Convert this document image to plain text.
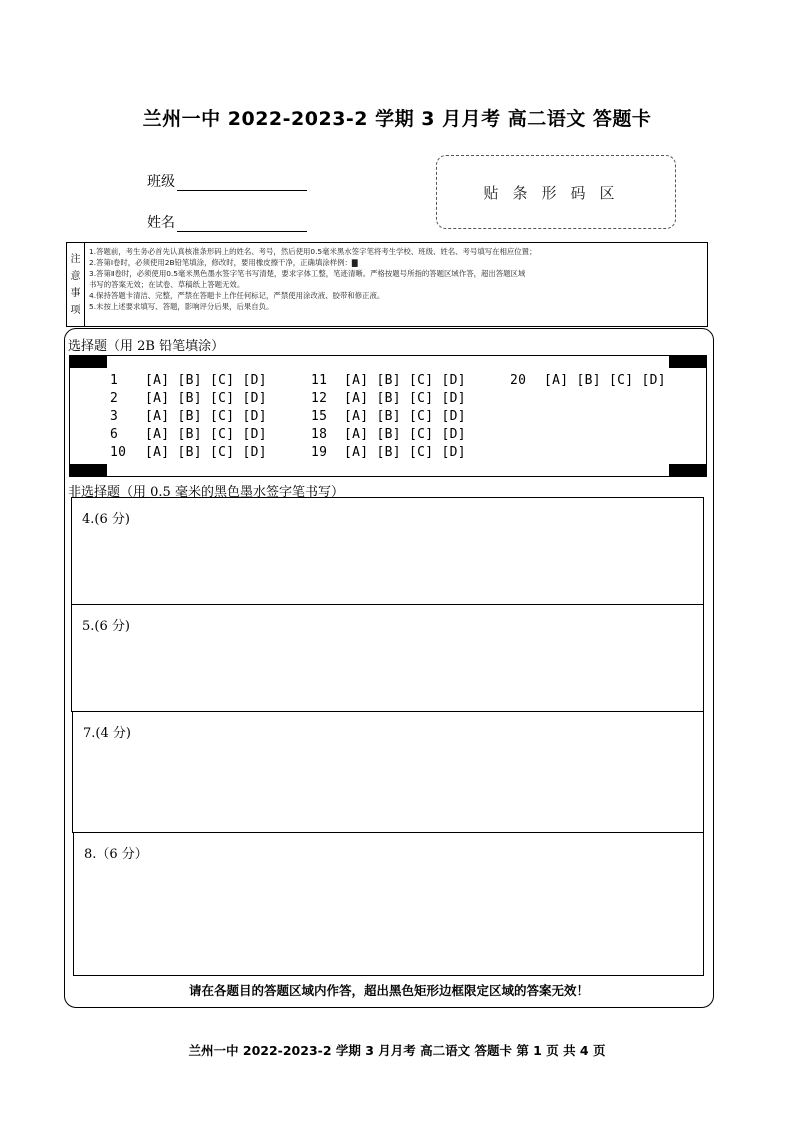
兰州一中 2022-2023-2 学期 3 月月考 高二语文 答题卡
班级
姓名
贴条形码区
注
意
事
项
1.答题前，考生务必首先认真核准条形码上的姓名、考号，然后使用0.5毫米黑水签字笔将考生学校、班级、姓名、考号填写在相应位置；
2.答第Ⅰ卷时，必须使用2B铅笔填涂，修改时，要用橡皮擦干净，正确填涂样例：▇
3.答第Ⅱ卷时，必须使用0.5毫米黑色墨水签字笔书写清楚，要求字体工整，笔迹清晰。严格按题号所指的答题区域作答，超出答题区域
书写的答案无效；在试卷、草稿纸上答题无效。
4.保持答题卡清洁、完整，严禁在答题卡上作任何标记，严禁使用涂改液、胶带和修正液。
5.未按上述要求填写、答题，影响评分后果，后果自负。
选择题（用 2B 铅笔填涂）
1 [A] [B] [C] [D]
2 [A] [B] [C] [D]
3 [A] [B] [C] [D]
6 [A] [B] [C] [D]
10 [A] [B] [C] [D]
11 [A] [B] [C] [D]
12 [A] [B] [C] [D]
15 [A] [B] [C] [D]
18 [A] [B] [C] [D]
19 [A] [B] [C] [D]
20 [A] [B] [C] [D]
非选择题（用 0.5 毫米的黑色墨水签字笔书写）
4.(6 分)
5.(6 分)
7.(4 分)
8.（6 分）
请在各题目的答题区域内作答，超出黑色矩形边框限定区域的答案无效！
兰州一中 2022-2023-2 学期 3 月月考 高二语文 答题卡 第 1 页 共 4 页
